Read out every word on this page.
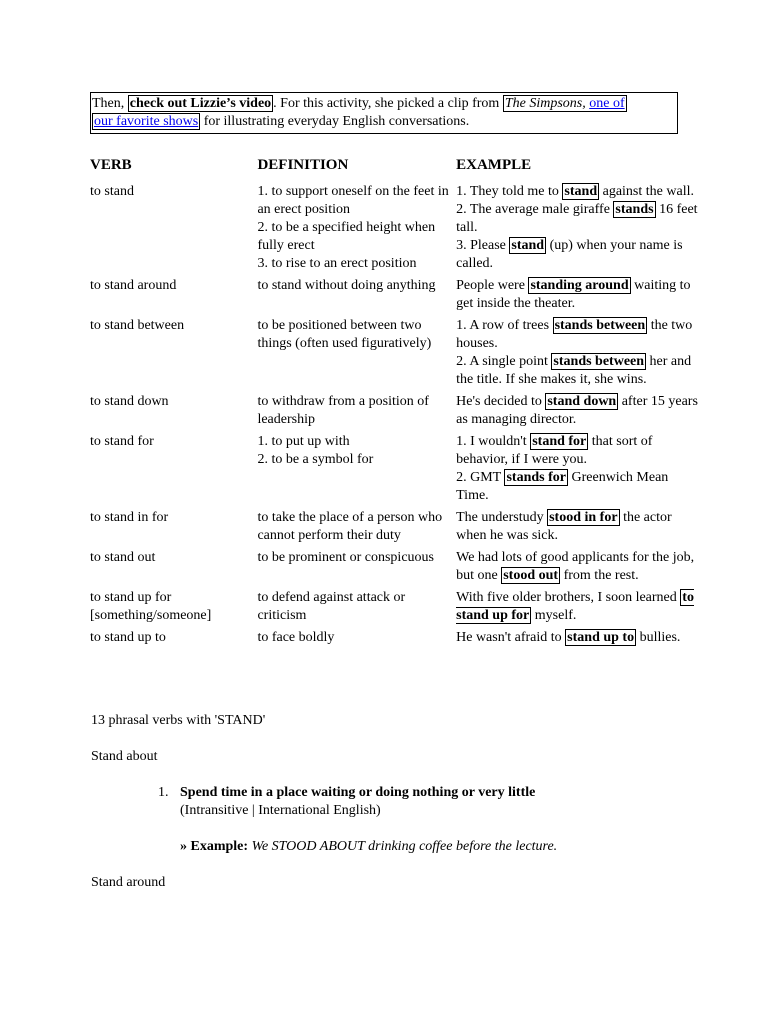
Then, check out Lizzie’s video . For this activity, she picked a clip from The Simpsons, one of
our favorite shows for illustrating everyday English conversations.
VERB	DEFINITION	EXAMPLE

to stand	1. to support oneself on the feet in an erect position
2. to be a specified height when fully erect
3. to rise to an erect position	1. They told me to stand against the wall.
2. The average male giraffe stands 16 feet tall.
3. Please stand (up) when your name is called.

to stand around	to stand without doing anything	People were standing around waiting to get inside the theater.

to stand between	to be positioned between two things (often used figuratively)	1. A row of trees stands between the two houses.
2. A single point stands between her and the title. If she makes it, she wins.

to stand down	to withdraw from a position of leadership	He's decided to stand down after 15 years as managing director.

to stand for	1. to put up with
2. to be a symbol for	1. I wouldn't stand for that sort of behavior, if I were you.
2. GMT stands for Greenwich Mean Time.

to stand in for	to take the place of a person who cannot perform their duty	The understudy stood in for the actor when he was sick.

to stand out	to be prominent or conspicuous	We had lots of good applicants for the job, but one stood out from the rest.

to stand up for
[something/someone]	to defend against attack or criticism	With five older brothers, I soon learned to stand up for myself.

to stand up to	to face boldly	He wasn't afraid to stand up to bullies.
13 phrasal verbs with 'STAND'
Stand about
1. Spend time in a place waiting or doing nothing or very little
(Intransitive | International English)
» Example: We STOOD ABOUT drinking coffee before the lecture.
Stand around
